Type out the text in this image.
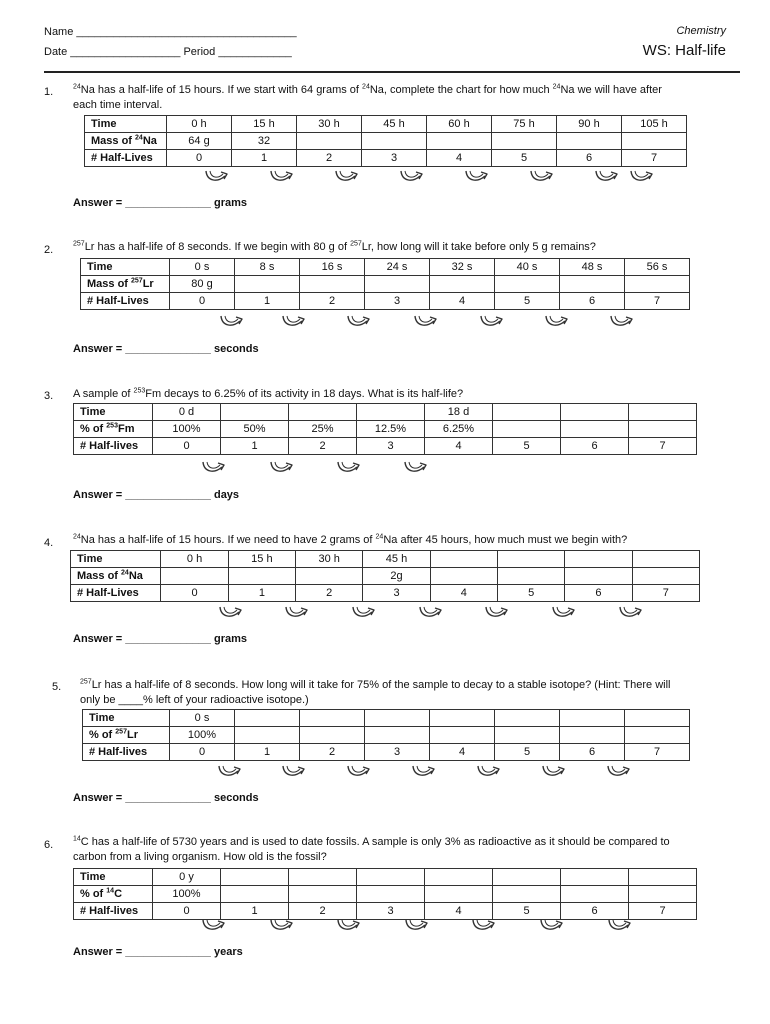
Name ____________________________________
Date __________________ Period ____________
Chemistry
WS: Half-life
1.	$^{24}$Na has a half-life of 15 hours. If we start with 64 grams of $^{24}$Na, complete the chart for how much $^{24}$Na we will have after
each time interval.
Time	0 h	15 h	30 h	45 h	60 h	75 h	90 h	105 h
Mass of $^{24}$Na	64 g	32						
# Half-Lives	0	1	2	3	4	5	6	7
Answer = ______________ grams
2.
$^{257}$Lr has a half-life of 8 seconds. If we begin with 80 g of $^{257}$Lr, how long will it take before only 5 g remains?
Time	0 s	8 s	16 s	24 s	32 s	40 s	48 s	56 s
Mass of $^{257}$Lr	80 g							
# Half-Lives	0	1	2	3	4	5	6	7
Answer = ______________ seconds
3. A sample of $^{253}$Fm decays to 6.25% of its activity in 18 days. What is its half-life?
Time	0 d				18 d			
% of $^{253}$Fm	100%	50%	25%	12.5%	6.25%			
# Half-lives	0	1	2	3	4	5	6	7
Answer = ______________ days
4.
$^{24}$Na has a half-life of 15 hours. If we need to have 2 grams of $^{24}$Na after 45 hours, how much must we begin with?
Time	0 h	15 h	30 h	45 h				
Mass of $^{24}$Na				2g				
# Half-Lives	0	1	2	3	4	5	6	7
Answer = ______________ grams
5.	$^{257}$Lr has a half-life of 8 seconds. How long will it take for 75% of the sample to decay to a stable isotope? (Hint: There will
only be ____% left of your radioactive isotope.)
Time	0 s							
% of $^{257}$Lr	100%							
# Half-lives	0	1	2	3	4	5	6	7
Answer = ______________ seconds
6.
$^{14}$C has a half-life of 5730 years and is used to date fossils. A sample is only 3% as radioactive as it should be compared to
carbon from a living organism. How old is the fossil?
Time	0 y							
% of $^{14}$C	100%							
# Half-lives	0	1	2	3	4	5	6	7
Answer = ______________ years
